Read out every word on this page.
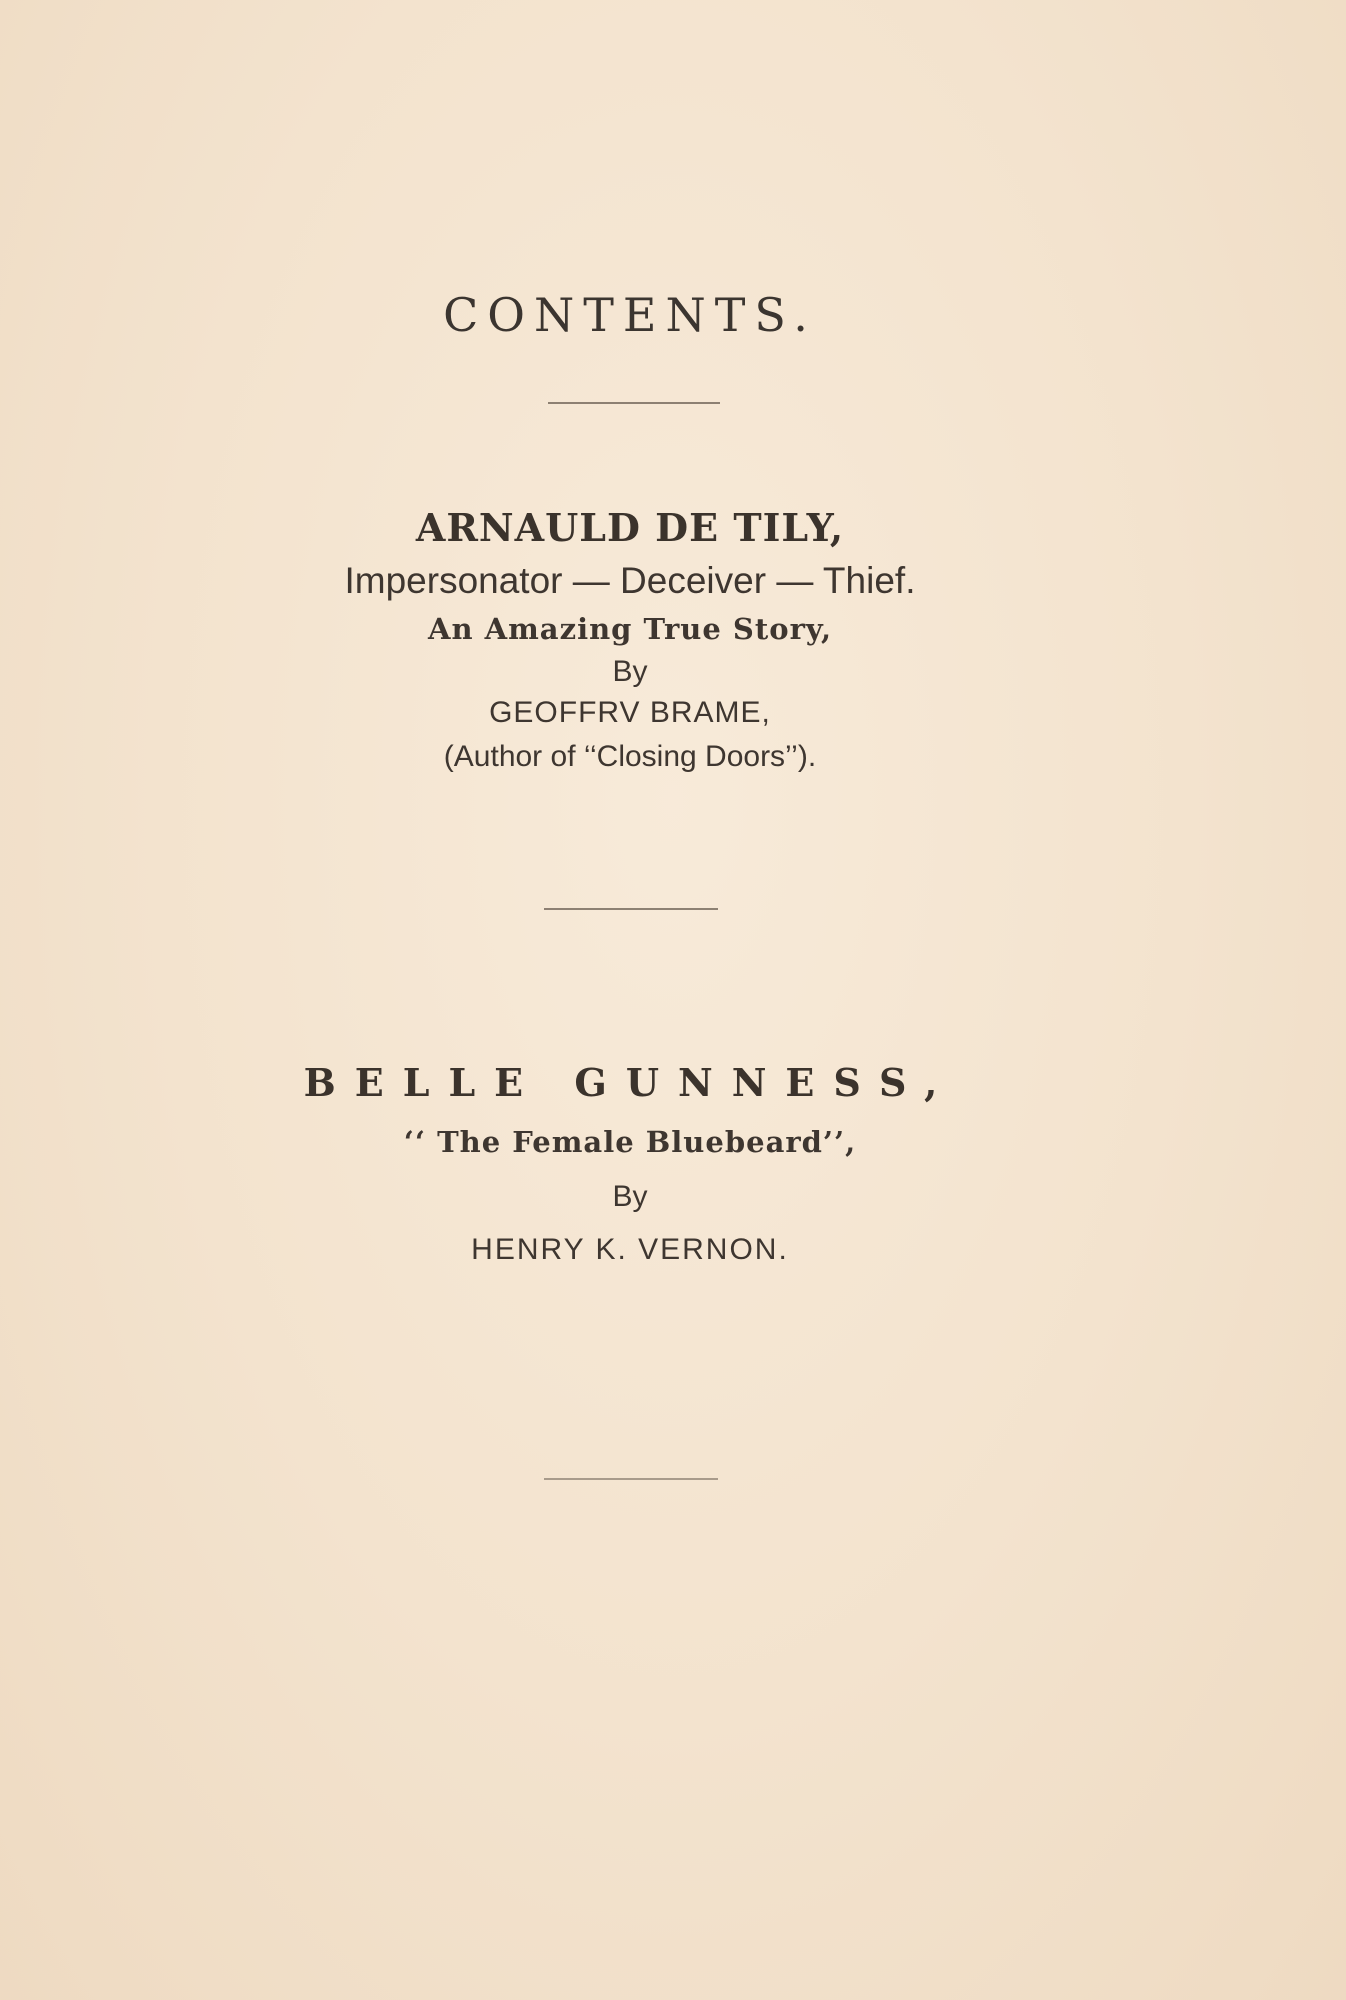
CONTENTS.
ARNAULD DE TILY,
Impersonator — Deceiver — Thief.
An Amazing True Story,
By
GEOFFRV BRAME,
(Author of ‘‘Closing Doors’’).
BELLE GUNNESS,
‘‘ The Female Bluebeard’’,
By
HENRY K. VERNON.
